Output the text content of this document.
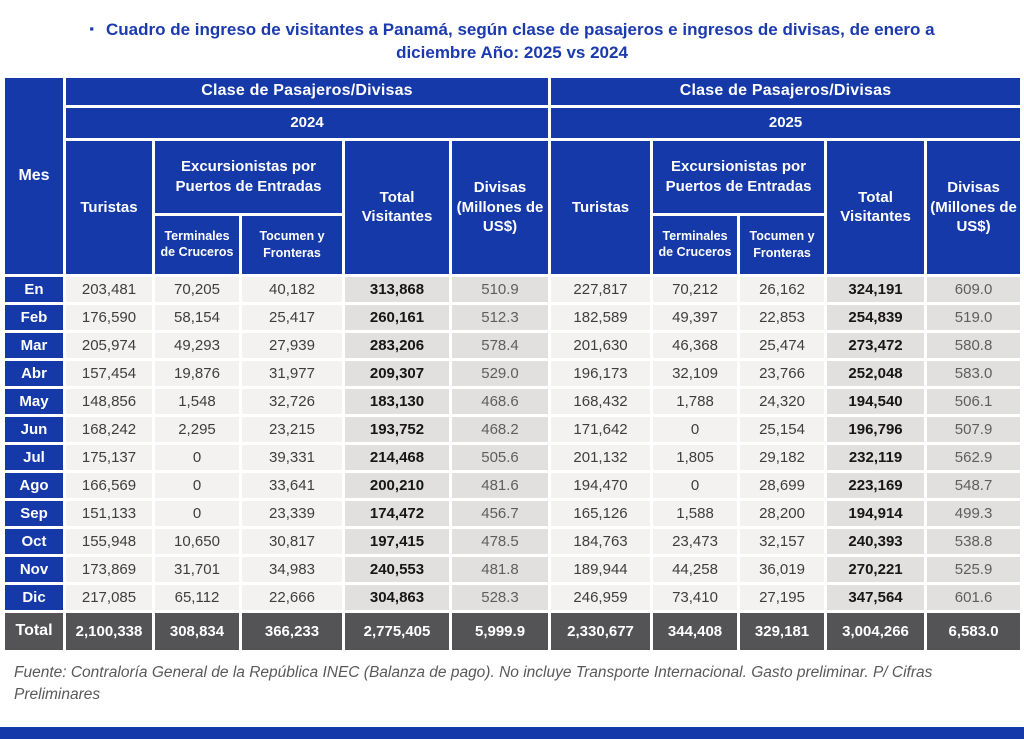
▪ Cuadro de ingreso de visitantes a Panamá, según clase de pasajeros e ingresos de divisas, de enero a diciembre Año: 2025 vs 2024
Mes	Clase de Pasajeros/Divisas					Clase de Pasajeros/Divisas				
	2024					2025				
	Turistas	Excursionistas por Puertos de Entradas		Total Visitantes	Divisas (Millones de US$)	Turistas	Excursionistas por Puertos de Entradas		Total Visitantes	Divisas (Millones de US$)
		Terminales de Cruceros	Tocumen y Fronteras				Terminales de Cruceros	Tocumen y Fronteras		
En	203,481	70,205	40,182	313,868	510.9	227,817	70,212	26,162	324,191	609.0
Feb	176,590	58,154	25,417	260,161	512.3	182,589	49,397	22,853	254,839	519.0
Mar	205,974	49,293	27,939	283,206	578.4	201,630	46,368	25,474	273,472	580.8
Abr	157,454	19,876	31,977	209,307	529.0	196,173	32,109	23,766	252,048	583.0
May	148,856	1,548	32,726	183,130	468.6	168,432	1,788	24,320	194,540	506.1
Jun	168,242	2,295	23,215	193,752	468.2	171,642	0	25,154	196,796	507.9
Jul	175,137	0	39,331	214,468	505.6	201,132	1,805	29,182	232,119	562.9
Ago	166,569	0	33,641	200,210	481.6	194,470	0	28,699	223,169	548.7
Sep	151,133	0	23,339	174,472	456.7	165,126	1,588	28,200	194,914	499.3
Oct	155,948	10,650	30,817	197,415	478.5	184,763	23,473	32,157	240,393	538.8
Nov	173,869	31,701	34,983	240,553	481.8	189,944	44,258	36,019	270,221	525.9
Dic	217,085	65,112	22,666	304,863	528.3	246,959	73,410	27,195	347,564	601.6
Total	2,100,338	308,834	366,233	2,775,405	5,999.9	2,330,677	344,408	329,181	3,004,266	6,583.0
Fuente: Contraloría General de la República INEC (Balanza de pago). No incluye Transporte Internacional. Gasto preliminar. P/ Cifras Preliminares
